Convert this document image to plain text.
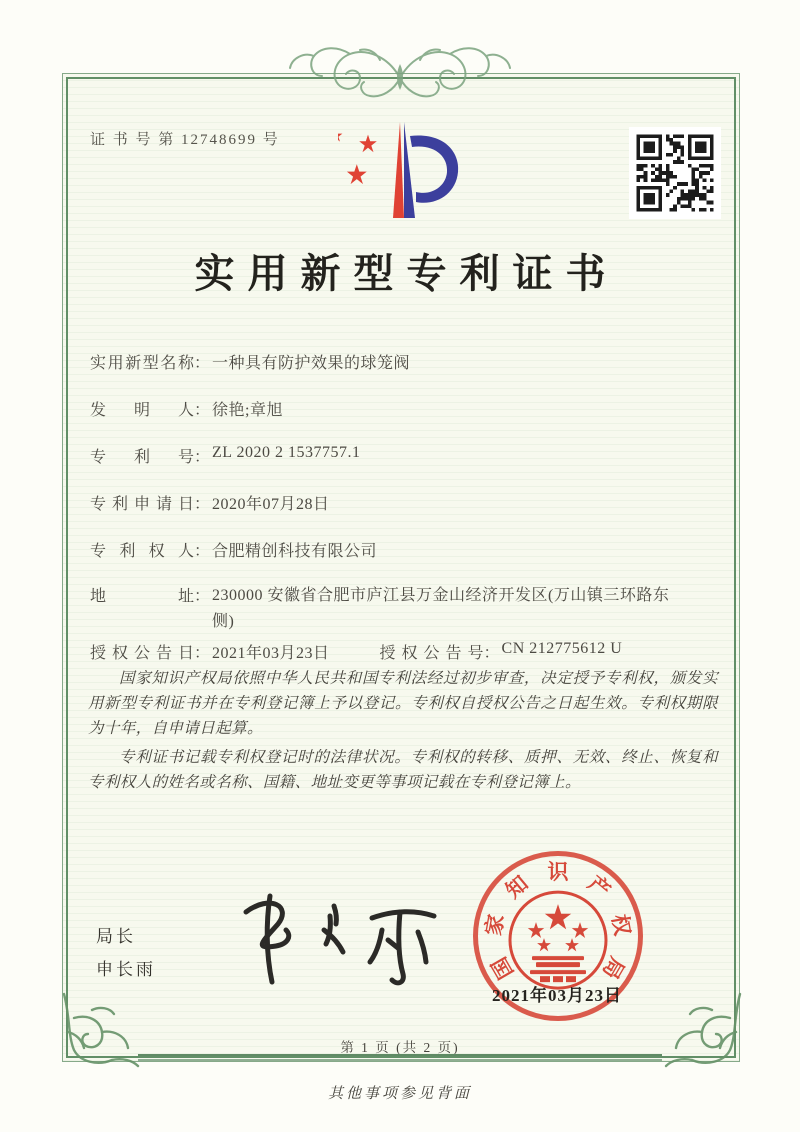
证 书 号 第 12748699 号
实用新型专利证书
实用新型名称： 一种具有防护效果的球笼阀
发明人： 徐艳;章旭
专利号： ZL 2020 2 1537757.1
专利申请日： 2020年07月28日
专利权人： 合肥精创科技有限公司
地址： 230000 安徽省合肥市庐江县万金山经济开发区(万山镇三环路东侧)
授权公告日： 2021年03月23日	授权公告号： CN 212775612 U

国家知识产权局依照中华人民共和国专利法经过初步审查，决定授予专利权，颁发实用新型专利证书并在专利登记簿上予以登记。专利权自授权公告之日起生效。专利权期限为十年，自申请日起算。

专利证书记载专利权登记时的法律状况。专利权的转移、质押、无效、终止、恢复和专利权人的姓名或名称、国籍、地址变更等事项记载在专利登记簿上。

局长
申长雨	国
家
知 识 产
权
局
2021年03月23日
第 1 页 (共 2 页)
其他事项参见背面
